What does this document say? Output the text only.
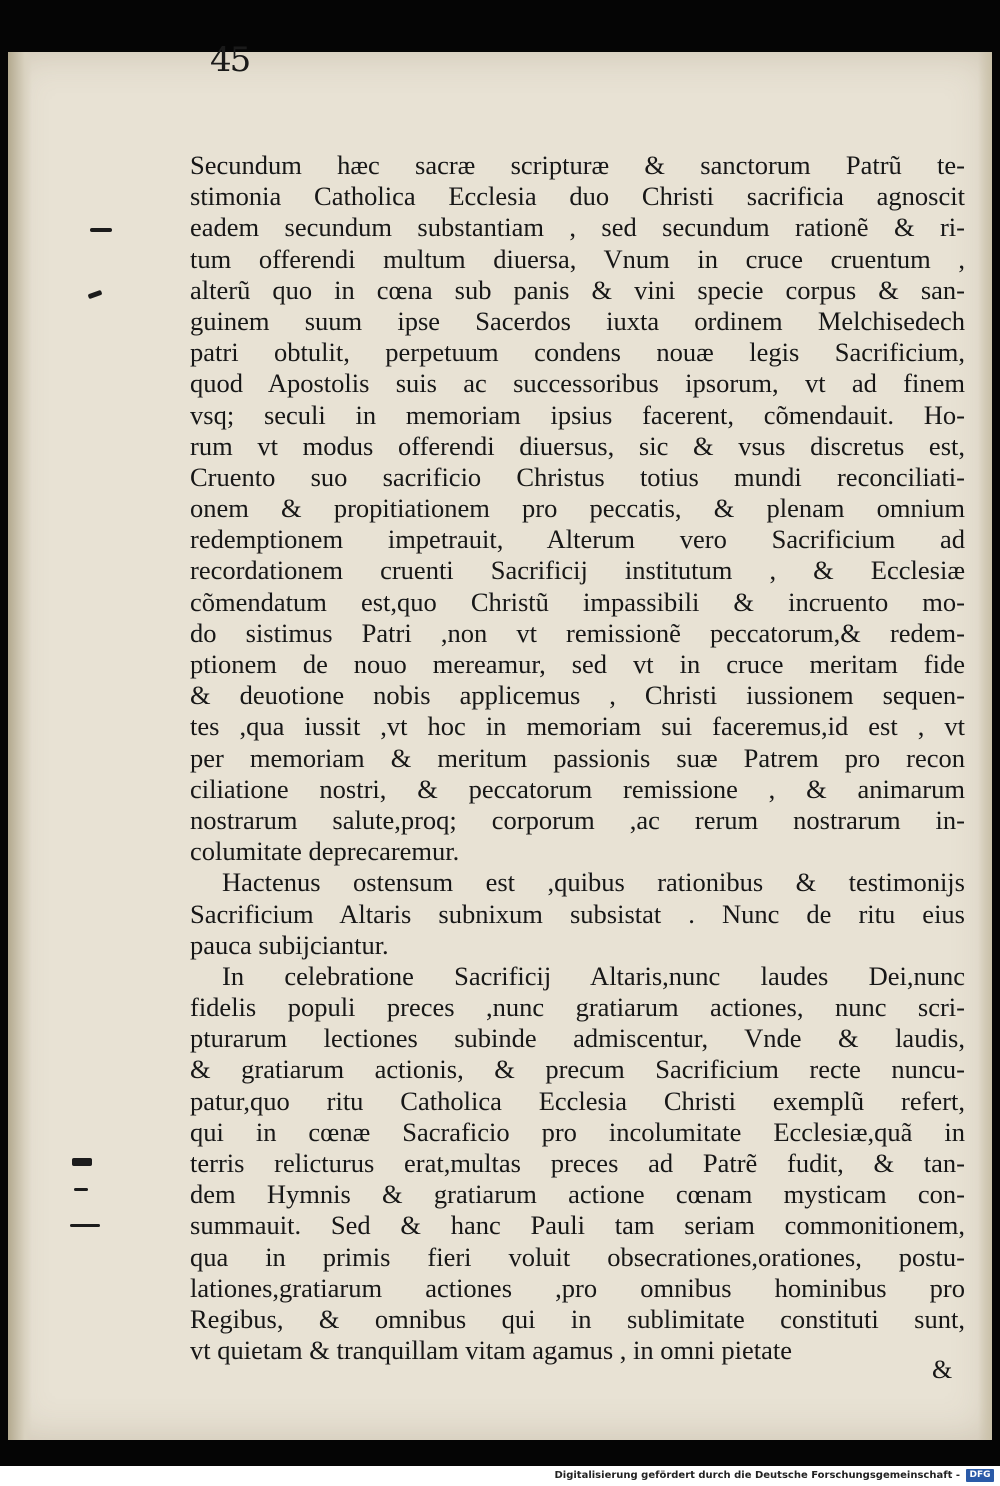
45
Secundum hæc sacræ scripturæ & sanctorum Patrũ te-
stimonia Catholica Ecclesia duo Christi sacrificia agnoscit
eadem secundum substantiam , sed secundum rationẽ & ri-
tum offerendi multum diuersa, Vnum in cruce cruentum ,
alterũ quo in cœna sub panis & vini specie corpus & san-
guinem suum ipse Sacerdos iuxta ordinem Melchisedech
patri obtulit, perpetuum condens nouæ legis Sacrificium,
quod Apostolis suis ac successoribus ipsorum, vt ad finem
vsq; seculi in memoriam ipsius facerent, cõmendauit. Ho-
rum vt modus offerendi diuersus, sic & vsus discretus est,
Cruento suo sacrificio Christus totius mundi reconciliati-
onem & propitiationem pro peccatis, & plenam omnium
redemptionem impetrauit, Alterum vero Sacrificium ad
recordationem cruenti Sacrificij institutum , & Ecclesiæ
cõmendatum est,quo Christũ impassibili & incruento mo-
do sistimus Patri ,non vt remissionẽ peccatorum,& redem-
ptionem de nouo mereamur, sed vt in cruce meritam fide
& deuotione nobis applicemus , Christi iussionem sequen-
tes ,qua iussit ,vt hoc in memoriam sui faceremus,id est , vt
per memoriam & meritum passionis suæ Patrem pro recon
ciliatione nostri, & peccatorum remissione , & animarum
nostrarum salute,proq; corporum ,ac rerum nostrarum in-
columitate deprecaremur.
Hactenus ostensum est ,quibus rationibus & testimonijs
Sacrificium Altaris subnixum subsistat . Nunc de ritu eius
pauca subijciantur.
In celebratione Sacrificij Altaris,nunc laudes Dei,nunc
fidelis populi preces ,nunc gratiarum actiones, nunc scri-
pturarum lectiones subinde admiscentur, Vnde & laudis,
& gratiarum actionis, & precum Sacrificium recte nuncu-
patur,quo ritu Catholica Ecclesia Christi exemplũ refert,
qui in cœnæ Sacraficio pro incolumitate Ecclesiæ,quã in
terris relicturus erat,multas preces ad Patrẽ fudit, & tan-
dem Hymnis & gratiarum actione cœnam mysticam con-
summauit. Sed & hanc Pauli tam seriam commonitionem,
qua in primis fieri voluit obsecrationes,orationes, postu-
lationes,gratiarum actiones ,pro omnibus hominibus pro
Regibus, & omnibus qui in sublimitate constituti sunt,
vt quietam & tranquillam vitam agamus , in omni pietate
&
Digitalisierung gefördert durch die Deutsche Forschungsgemeinschaft -	DFG
